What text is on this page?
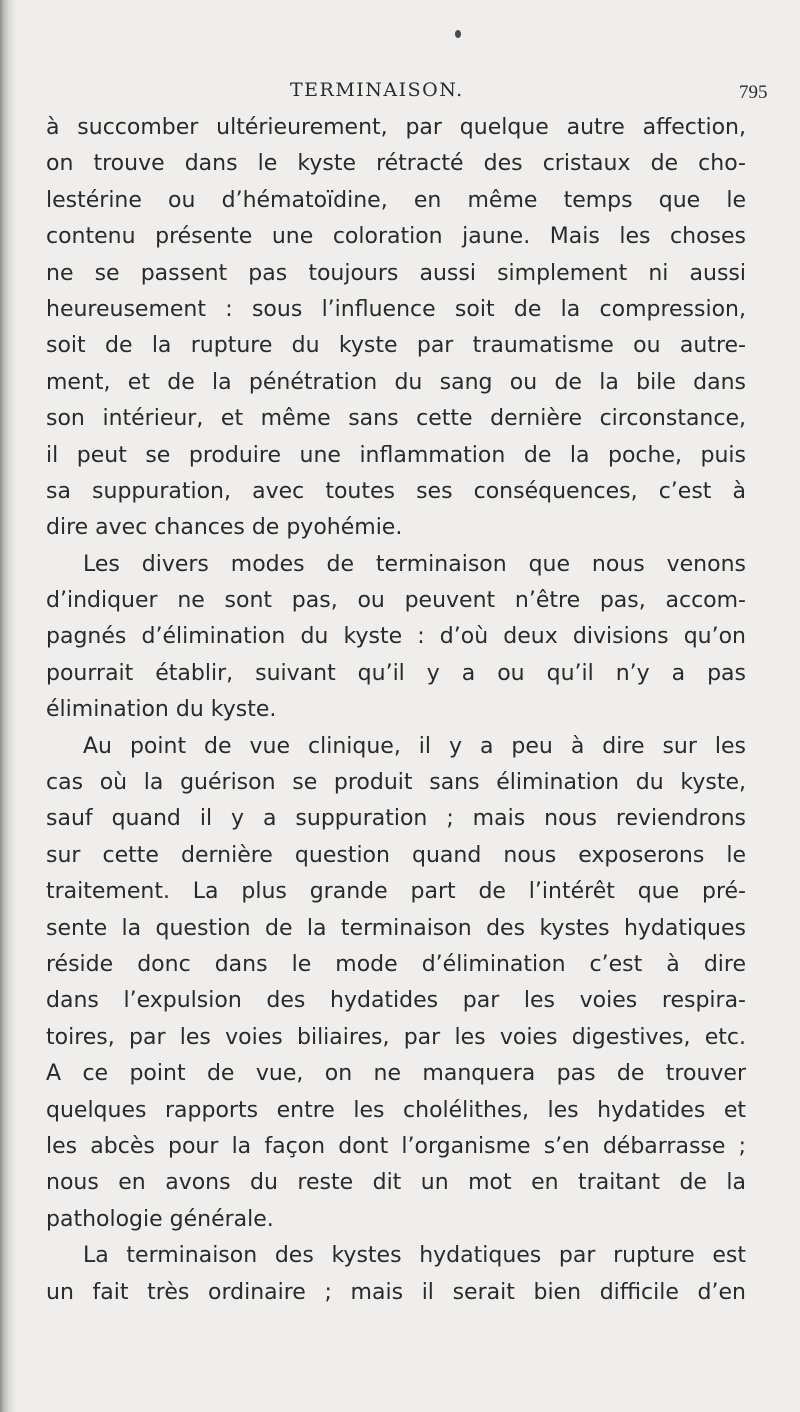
TERMINAISON.	795
à succomber ultérieurement, par quelque autre affection,
on trouve dans le kyste rétracté des cristaux de cho-
lestérine ou d’hématoïdine, en même temps que le
contenu présente une coloration jaune. Mais les choses
ne se passent pas toujours aussi simplement ni aussi
heureusement : sous l’influence soit de la compression,
soit de la rupture du kyste par traumatisme ou autre-
ment, et de la pénétration du sang ou de la bile dans
son intérieur, et même sans cette dernière circonstance,
il peut se produire une inflammation de la poche, puis
sa suppuration, avec toutes ses conséquences, c’est à
dire avec chances de pyohémie.
Les divers modes de terminaison que nous venons
d’indiquer ne sont pas, ou peuvent n’être pas, accom-
pagnés d’élimination du kyste : d’où deux divisions qu’on
pourrait établir, suivant qu’il y a ou qu’il n’y a pas
élimination du kyste.
Au point de vue clinique, il y a peu à dire sur les
cas où la guérison se produit sans élimination du kyste,
sauf quand il y a suppuration ; mais nous reviendrons
sur cette dernière question quand nous exposerons le
traitement. La plus grande part de l’intérêt que pré-
sente la question de la terminaison des kystes hydatiques
réside donc dans le mode d’élimination c’est à dire
dans l’expulsion des hydatides par les voies respira-
toires, par les voies biliaires, par les voies digestives, etc.
A ce point de vue, on ne manquera pas de trouver
quelques rapports entre les cholélithes, les hydatides et
les abcès pour la façon dont l’organisme s’en débarrasse ;
nous en avons du reste dit un mot en traitant de la
pathologie générale.
La terminaison des kystes hydatiques par rupture est
un fait très ordinaire ; mais il serait bien difficile d’en
